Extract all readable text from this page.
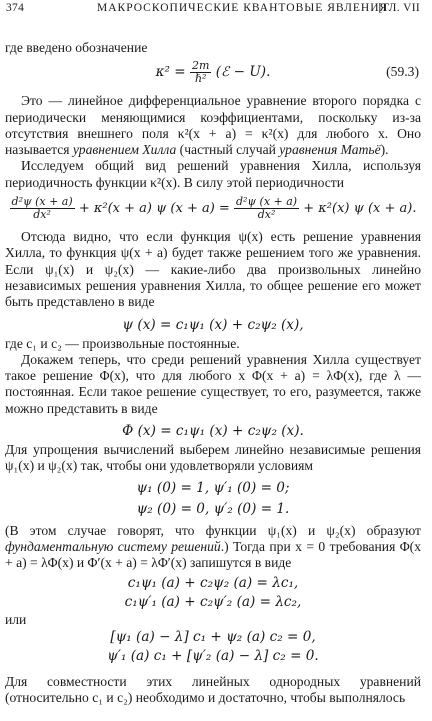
374	МАКРОСКОПИЧЕСКИЕ КВАНТОВЫЕ ЯВЛЕНИЯ
[ГЛ. VII

где введено обозначение

$\kappa^2 = \frac{2m}{\text{ℏ²}}$ (ℰ − U).	(59.3)

Это — линейное дифференциальное уравнение второго порядка с периодически меняющимися коэффициентами, поскольку из-за отсутствия внешнего поля κ²(x + a) = κ²(x) для любого x. Оно называется уравнением Хилла (частный случай уравнения Матьё).

Исследуем общий вид решений уравнения Хилла, используя периодичность функции κ²(x). В силу этой периодичности

$\frac{\text{d²ψ (x + a)}}{\text{dx²}} + \kappa^2(x + a)$ ψ $(x + a) = \frac{\text{d²ψ (x + a)}}{\text{dx²}} + \kappa^2(x)$ ψ (x + a).

Отсюда видно, что если функция ψ(x) есть решение уравнения Хилла, то функция ψ(x + a) будет также решением того же уравнения. Если ψ₁(x) и ψ₂(x) — какие-либо два произвольных линейно независимых решения уравнения Хилла, то общее решение его может быть представлено в виде

ψ (x) = c₁ψ₁ (x) + c₂ψ₂ (x),

где c₁ и c₂ — произвольные постоянные.

Докажем теперь, что среди решений уравнения Хилла существует такое решение Φ(x), что для любого x Φ(x + a) = λΦ(x), где λ — постоянная. Если такое решение существует, то его, разумеется, также можно представить в виде

Φ (x) = c₁ψ₁ (x) + c₂ψ₂ (x).

Для упрощения вычислений выберем линейно независимые решения ψ₁(x) и ψ₂(x) так, чтобы они удовлетворяли условиям

ψ₁ (0) = 1, ψ′₁ (0) = 0;
ψ₂ (0) = 0, ψ′₂ (0) = 1.

(В этом случае говорят, что функции ψ₁(x) и ψ₂(x) образуют фундаментальную систему решений.) Тогда при x = 0 требования Φ(x + a) = λΦ(x) и Φ′(x + a) = λΦ′(x) запишутся в виде

c₁ψ₁ (a) + c₂ψ₂ (a) = λc₁,
c₁ψ′₁ (a) + c₂ψ′₂ (a) = λc₂,

или

[ψ₁ (a) − λ] c₁ + ψ₂ (a) c₂ = 0,
ψ′₁ (a) c₁ + [ψ′₂ (a) − λ] c₂ = 0.

Для совместности этих линейных однородных уравнений (относительно c₁ и c₂) необходимо и достаточно, чтобы выполнялось
